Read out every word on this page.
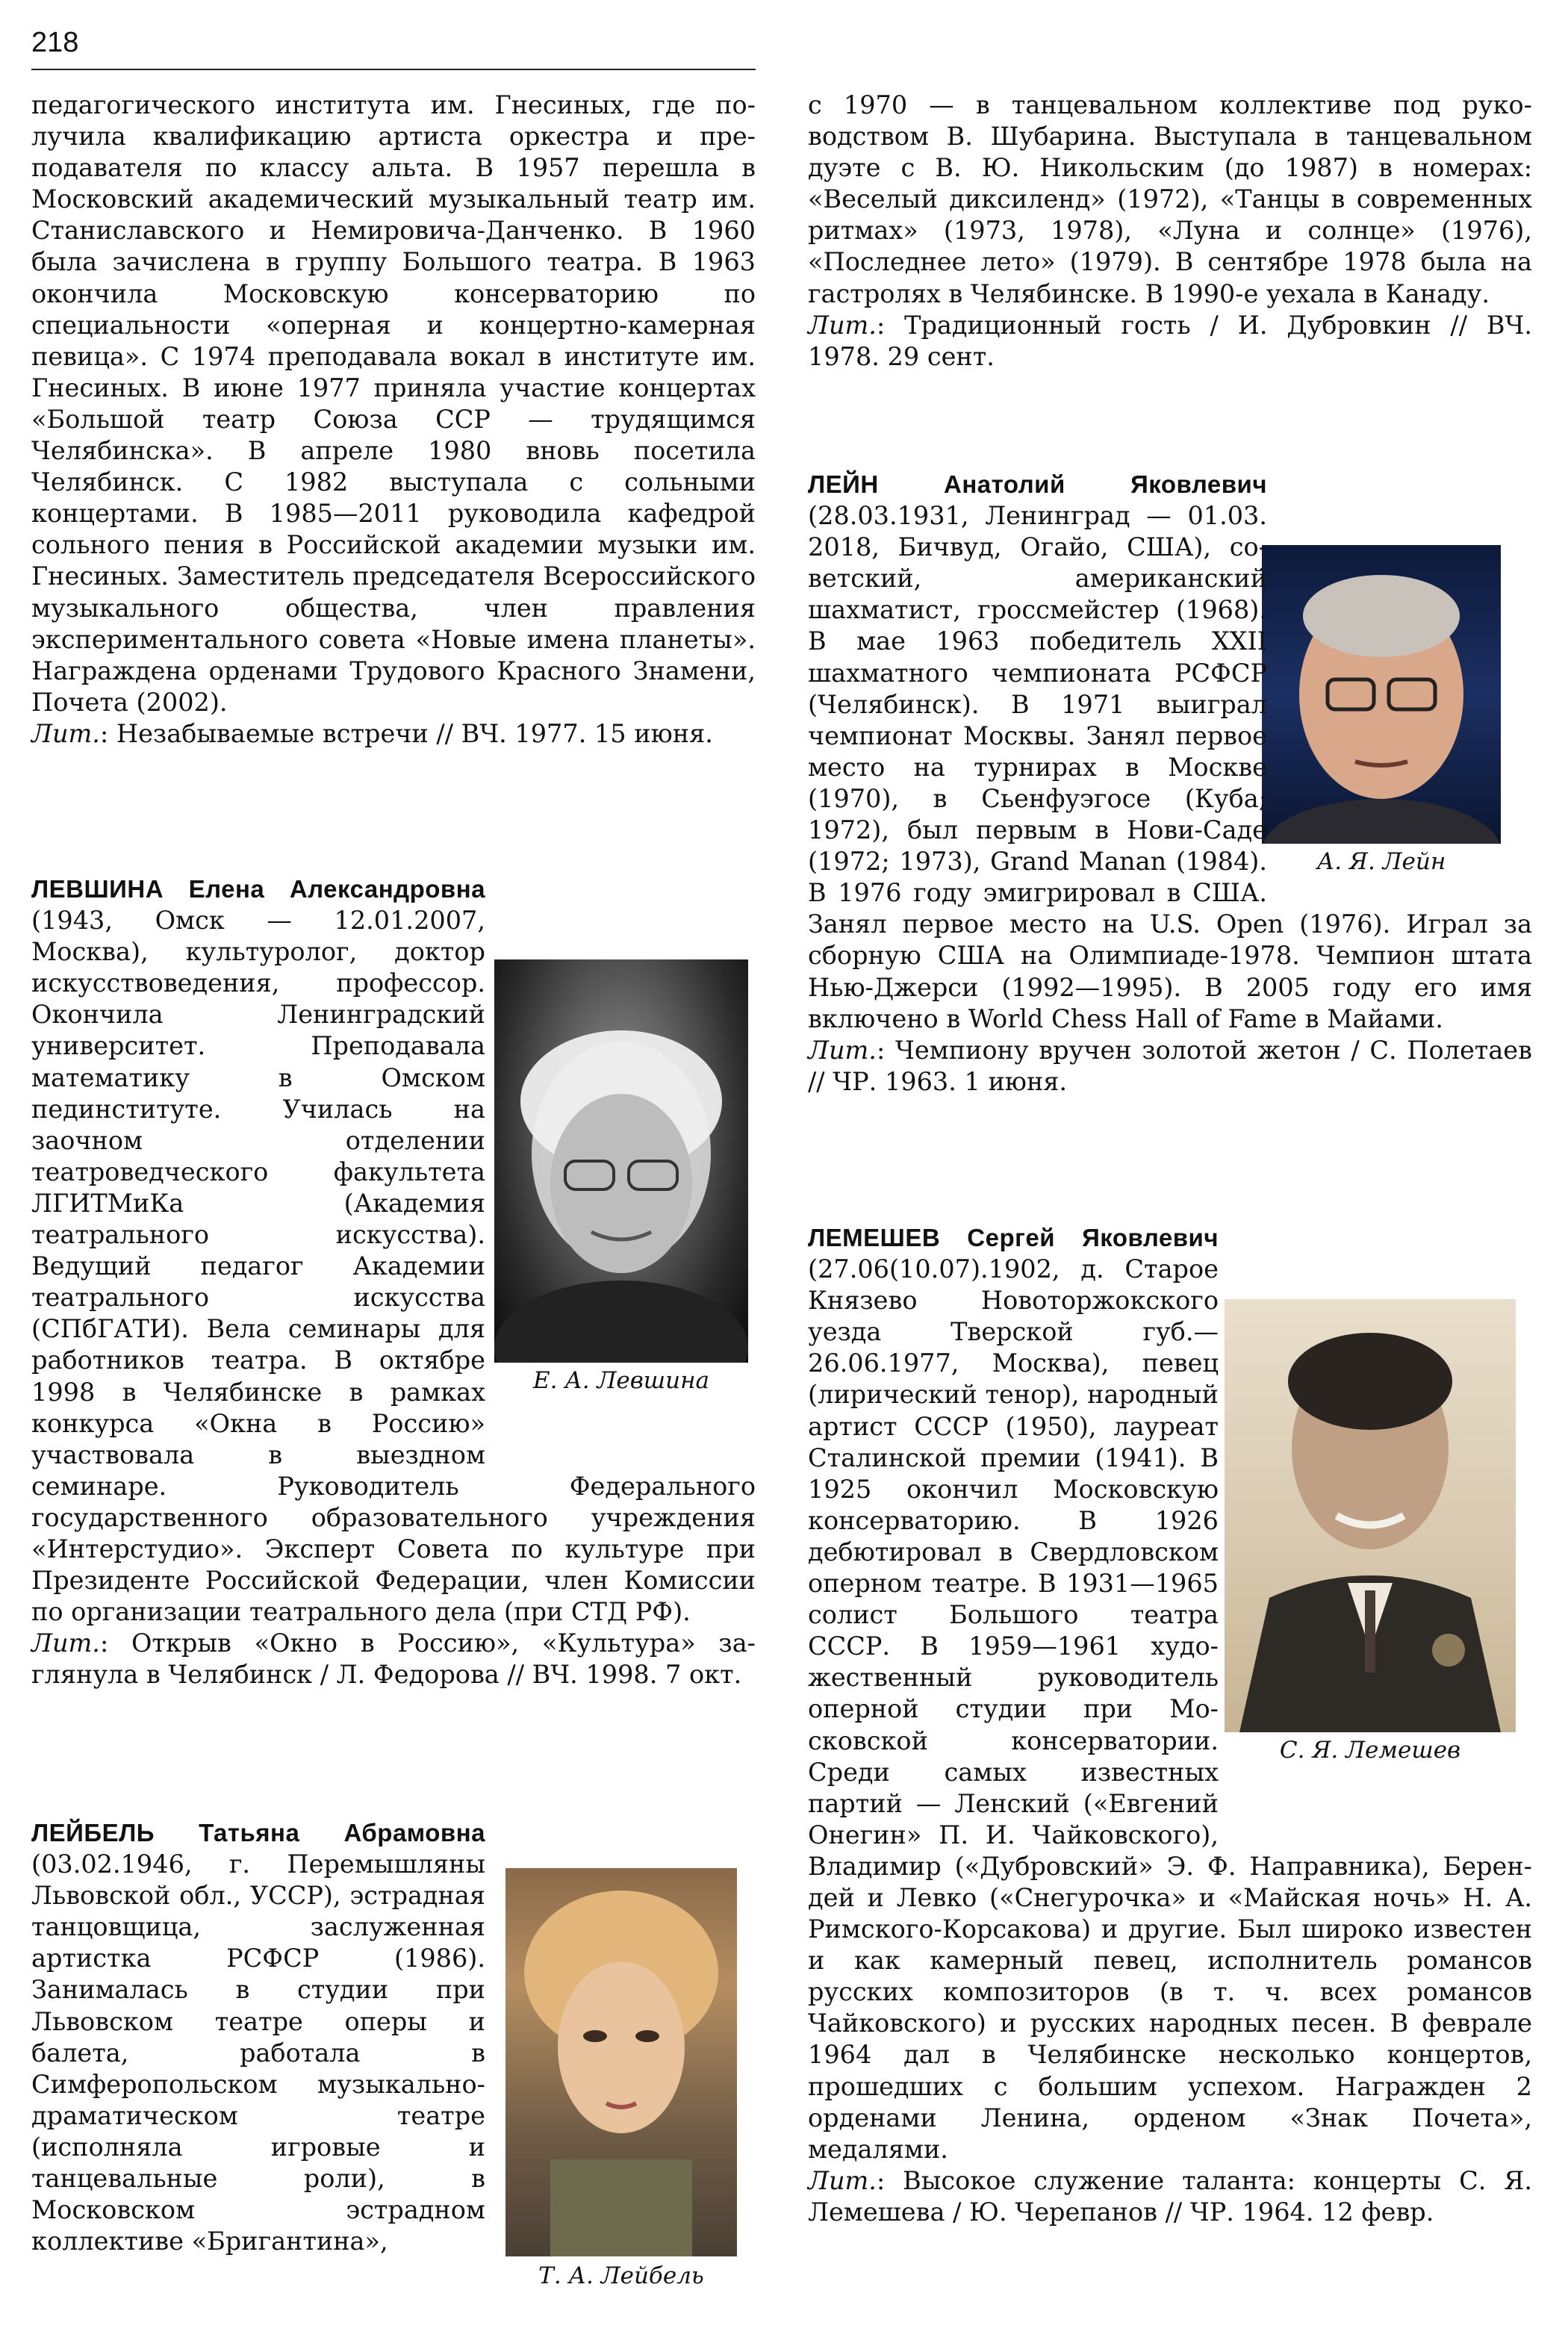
218

педагогического института им. Гнесиных, где получила квалификацию артиста оркестра и преподавателя по классу альта. В 1957 перешла в Московский академический музыкальный театр им. Станиславского и Немировича-Данченко. В 1960 была зачислена в группу Большого театра. В 1963 окончила Московскую консерваторию по специальности «оперная и концертно-камерная певица». С 1974 преподавала вокал в институте им. Гнесиных. В июне 1977 приняла участие концертах «Большой театр Союза ССР — трудящимся Челябинска». В апреле 1980 вновь посетила Челябинск. С 1982 выступала с сольными концертами. В 1985—2011 руководила кафедрой сольного пения в Российской академии музыки им. Гнесиных. Заместитель председателя Всероссийского музыкального общества, член правления экспериментального совета «Новые имена планеты». Награждена орденами Трудового Красного Знамени, Почета (2002).

Лит.: Незабываемые встречи // ВЧ. 1977. 15 июня.

Е. А. Левшина
Т. А. Лейбель

с 1970 — в танцевальном коллективе под руководством В. Шубарина. Выступала в танцевальном дуэте с В. Ю. Никольским (до 1987) в номерах: «Веселый диксиленд» (1972), «Танцы в современных ритмах» (1973, 1978), «Луна и солнце» (1976), «Последнее лето» (1979). В сентябре 1978 была на гастролях в Челябинске. В 1990-е уехала в Канаду.

Лит.: Традиционный гость / И. Дубровкин // ВЧ. 1978. 29 сент.

А. Я. Лейн
С. Я. Лемешев
ЛЕВШИНА Елена Александровна (1943, Омск — 12.01.2007, Москва), культуролог, доктор искусствоведения, профессор. Окончила Ленинградский университет. Преподавала математику в Омском пединституте. Училась на заочном отделении театроведческого факультета ЛГИТМиКа (Академия театрального искусства). Ведущий педагог Академии театрального искусства (СПбГАТИ). Вела семинары для работников театра. В октябре 1998 в Челябинске в рамках конкурса «Окна в Россию» участвовала в выездном семинаре. Руководитель Федерального государственного образовательного учреждения «Интерстудио». Эксперт Совета по культуре при Президенте Российской Федерации, член Комиссии по организации театрального дела (при СТД РФ).
Лит.: Открыв «Окно в Россию», «Культура» заглянула в Челябинск / Л. Федорова // ВЧ. 1998. 7 окт.
ЛЕЙБЕЛЬ Татьяна Абрамовна (03.02.1946, г. Перемышляны Львовской обл., УССР), эстрадная танцовщица, заслуженная артистка РСФСР (1986). Занималась в студии при Львовском театре оперы и балета, работала в Симферопольском музыкально-драматическом театре (исполняла игровые и танцевальные роли), в Московском эстрадном коллективе «Бригантина»,
ЛЕЙН Анатолий Яковлевич (28.03.1931, Ленинград — 01.03. 2018, Бичвуд, Огайо, США), советский, американский шахматист, гроссмейстер (1968). В мае 1963 победитель XXII шахматного чемпионата РСФСР (Челябинск). В 1971 выиграл чемпионат Москвы. Занял первое место на турнирах в Москве (1970), в Сьенфуэгосе (Куба; 1972), был первым в Нови-Саде (1972; 1973), Grand Manan (1984). В 1976 году эмигрировал в США. Занял первое место на U.S. Open (1976). Играл за сборную США на Олимпиаде-1978. Чемпион штата Нью-Джерси (1992—1995). В 2005 году его имя включено в World Chess Hall of Fame в Майами.
Лит.: Чемпиону вручен золотой жетон / С. Полетаев // ЧР. 1963. 1 июня.
ЛЕМЕШЕВ Сергей Яковлевич (27.06(10.07).1902, д. Старое Князево Новоторжокского уезда Тверской губ.— 26.06.1977, Москва), певец (лирический тенор), народный артист СССР (1950), лауреат Сталинской премии (1941). В 1925 окончил Московскую консерваторию. В 1926 дебютировал в Свердловском оперном театре. В 1931—1965 солист Большого театра СССР. В 1959—1961 художественный руководитель оперной студии при Московской консерватории. Среди самых известных партий — Ленский («Евгений Онегин» П. И. Чайковского), Владимир («Дубровский» Э. Ф. Направника), Берендей и Левко («Снегурочка» и «Майская ночь» Н. А. Римского-Корсакова) и другие. Был широко известен и как камерный певец, исполнитель романсов русских композиторов (в т. ч. всех романсов Чайковского) и русских народных песен. В феврале 1964 дал в Челябинске несколько концертов, прошедших с большим успехом. Награжден 2 орденами Ленина, орденом «Знак Почета», медалями.
Лит.: Высокое служение таланта: концерты С. Я. Лемешева / Ю. Черепанов // ЧР. 1964. 12 февр.
